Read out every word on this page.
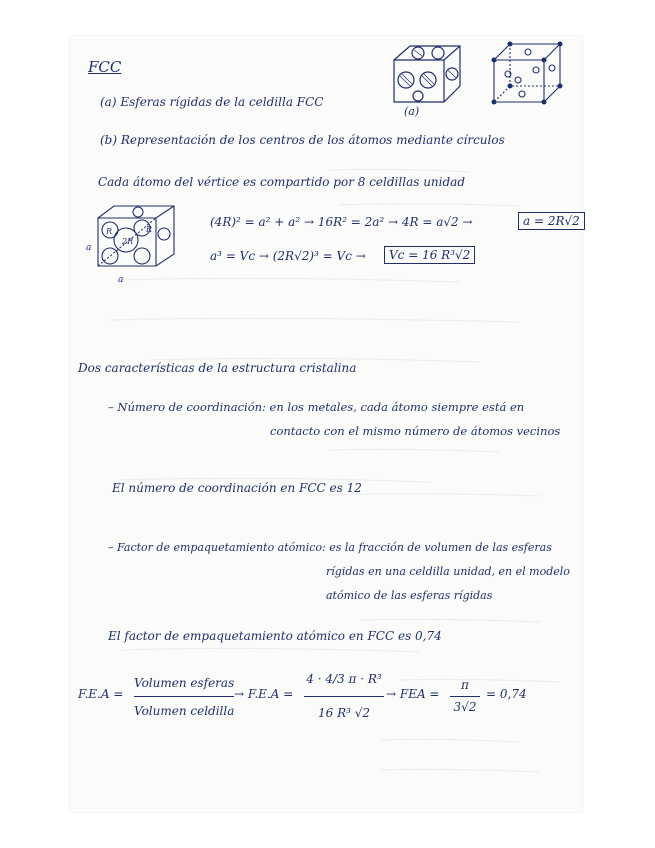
FCC
(a) Esferas rígidas de la celdilla FCC
(b) Representación de los centros de los átomos mediante círculos
(a)
Cada átomo del vértice es compartido por 8 celdillas unidad
R
2R
R
a
a
(4R)² = a² + a² → 16R² = 2a² → 4R = a√2 →	a = 2R√2
a³ = Vc → (2R√2)³ = Vc →	Vc = 16 R³√2
Dos características de la estructura cristalina
– Número de coordinación: en los metales, cada átomo siempre está en
contacto con el mismo número de átomos vecinos
El número de coordinación en FCC es 12
– Factor de empaquetamiento atómico: es la fracción de volumen de las esferas
rígidas en una celdilla unidad, en el modelo
atómico de las esferas rígidas
El factor de empaquetamiento atómico en FCC es 0,74
F.E.A =
Volumen esferas
Volumen celdilla
→ F.E.A =
4 · 4/3 π · R³
16 R³ √2
→ FEA =
π
3√2
= 0,74
